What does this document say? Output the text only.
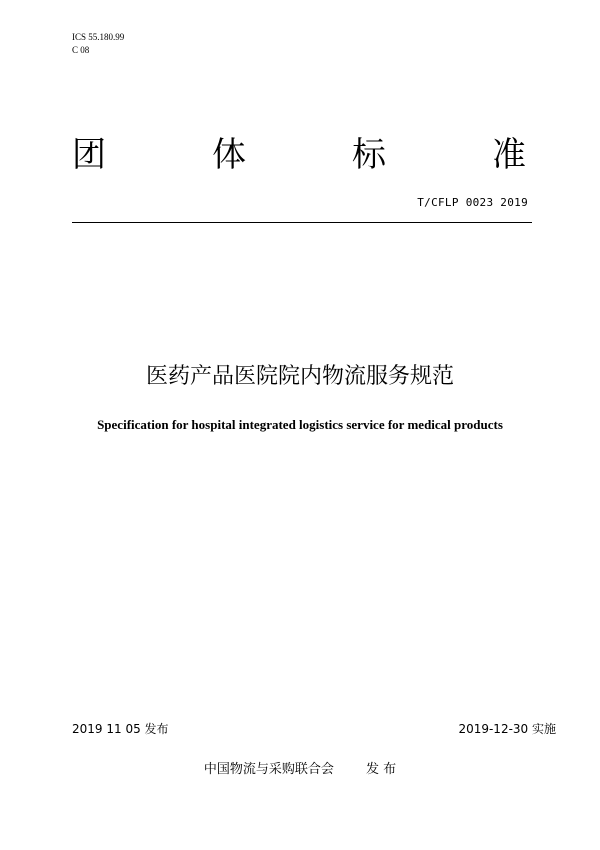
ICS 55.180.99
C 08
团	体	标	准
T/CFLP 0023 2019
医药产品医院院内物流服务规范
Specification for hospital integrated logistics service for medical products
2019 11 05 发布	2019-12-30 实施
中国物流与采购联合会 发 布
